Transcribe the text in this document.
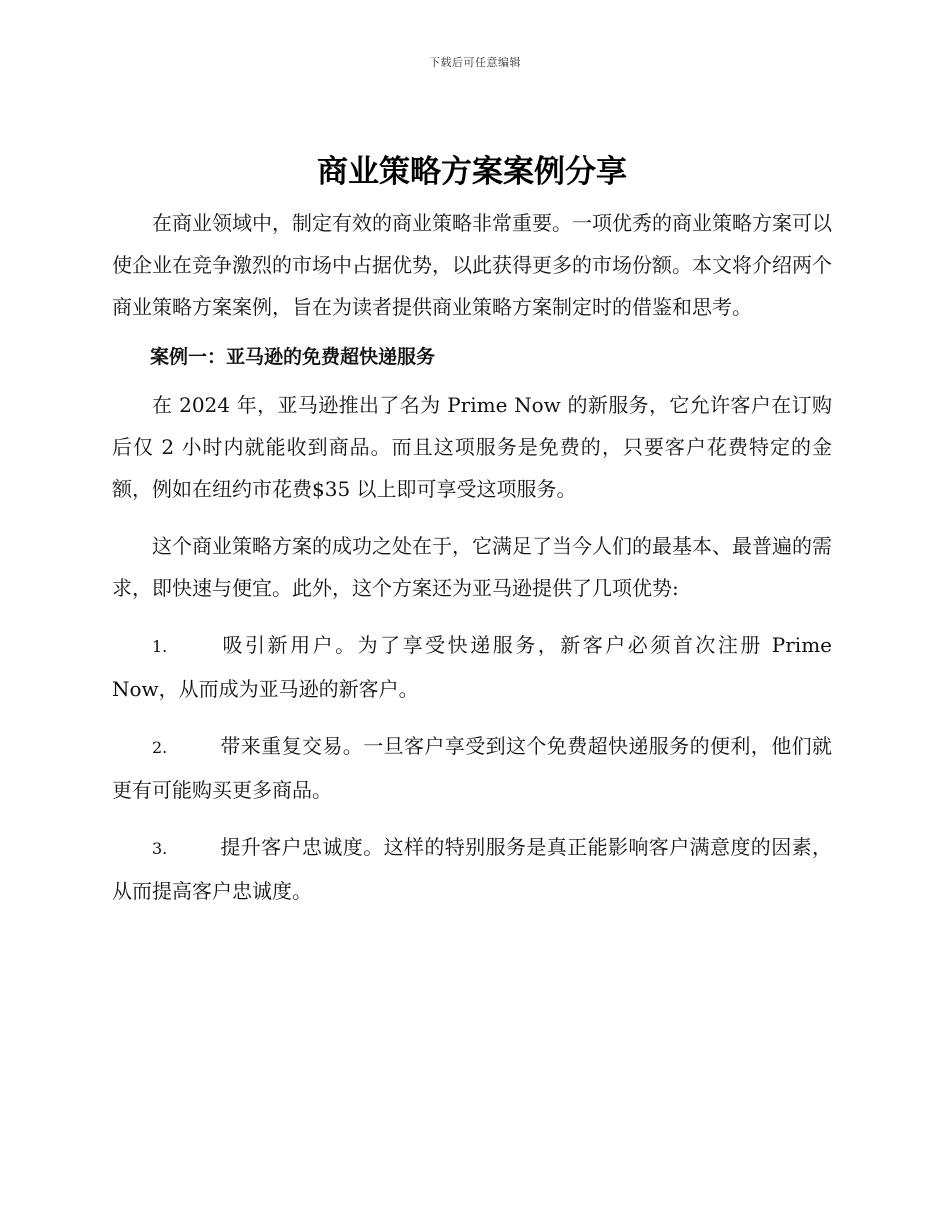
下载后可任意编辑
商业策略方案案例分享

在商业领域中，制定有效的商业策略非常重要。一项优秀的商业策略方案可以使企业在竞争激烈的市场中占据优势，以此获得更多的市场份额。本文将介绍两个商业策略方案案例，旨在为读者提供商业策略方案制定时的借鉴和思考。

案例一：亚马逊的免费超快递服务

在 2024 年，亚马逊推出了名为 Prime Now 的新服务，它允许客户在订购后仅 2 小时内就能收到商品。而且这项服务是免费的，只要客户花费特定的金额，例如在纽约市花费$35 以上即可享受这项服务。

这个商业策略方案的成功之处在于，它满足了当今人们的最基本、最普遍的需求，即快速与便宜。此外，这个方案还为亚马逊提供了几项优势:

1.	吸引新用户。为了享受快递服务，新客户必须首次注册 Prime Now，从而成为亚马逊的新客户。
2.	带来重复交易。一旦客户享受到这个免费超快递服务的便利，他们就更有可能购买更多商品。
3.	提升客户忠诚度。这样的特别服务是真正能影响客户满意度的因素，从而提高客户忠诚度。
